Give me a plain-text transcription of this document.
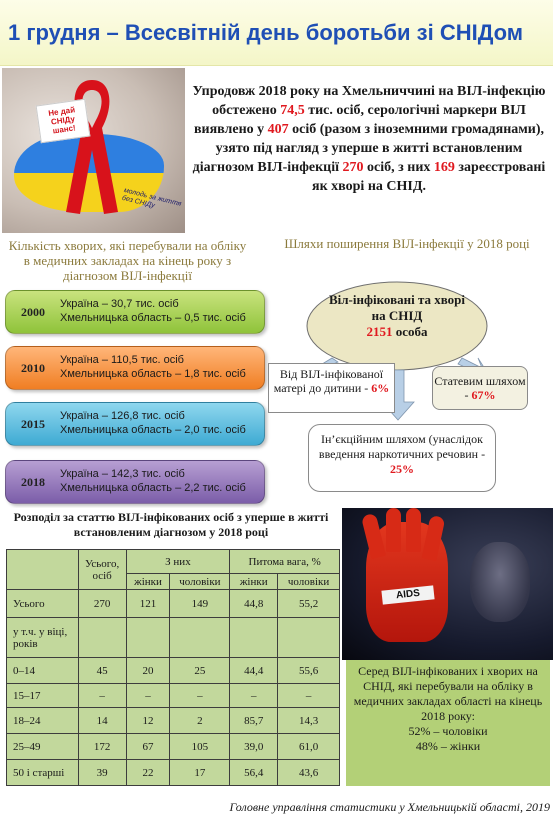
1 грудня – Всесвітній день боротьби зі СНІДом
Не дай СНІДу шанс!
молодь за життя без СНІДу
Упродовж 2018 року на Хмельниччині на ВІЛ-інфекцію обстежено 74,5 тис. осіб, серологічні маркери ВІЛ виявлено у 407 осіб (разом з іноземними громадянами), узято під нагляд з уперше в житті встановленим діагнозом ВІЛ-інфекції 270 осіб, з них 169 зареєстровані як хворі на СНІД.
Кількість хворих, які перебували на обліку в медичних закладах на кінець року з діагнозом ВІЛ-інфекції
2000
Україна – 30,7 тис. осіб
Хмельницька область – 0,5 тис. осіб
2010
Україна – 110,5 тис. осіб
Хмельницька область – 1,8 тис. осіб
2015
Україна – 126,8 тис. осіб
Хмельницька область – 2,0 тис. осіб
2018
Україна – 142,3 тис. осіб
Хмельницька область – 2,2 тис. осіб
Шляхи поширення ВІЛ-інфекції у 2018 році
Віл-інфіковані та хворі на СНІД
2151 особа
Від ВІЛ-інфікованої матері до дитини - 6%	Статевим шляхом - 67%
Ін’єкційним шляхом (унаслідок введення наркотичних речовин - 25%
Розподіл за статтю ВІЛ-інфікованих осіб з уперше в житті встановленим діагнозом у 2018 році
	Усього, осіб	З них		Питома вага, %	
		жінки	чоловіки	жінки	чоловіки
Усього	270	121	149	44,8	55,2
у т.ч. у віці, років					
0–14	45	20	25	44,4	55,6
15–17	–	–	–	–	–
18–24	14	12	2	85,7	14,3
25–49	172	67	105	39,0	61,0
50 і старші	39	22	17	56,4	43,6
AIDS
Серед ВІЛ-інфікованих і хворих на СНІД, які перебували на обліку в медичних закладах області на кінець 2018 року:
52% – чоловіки
48% – жінки
Головне управління статистики у Хмельницькій області, 2019
